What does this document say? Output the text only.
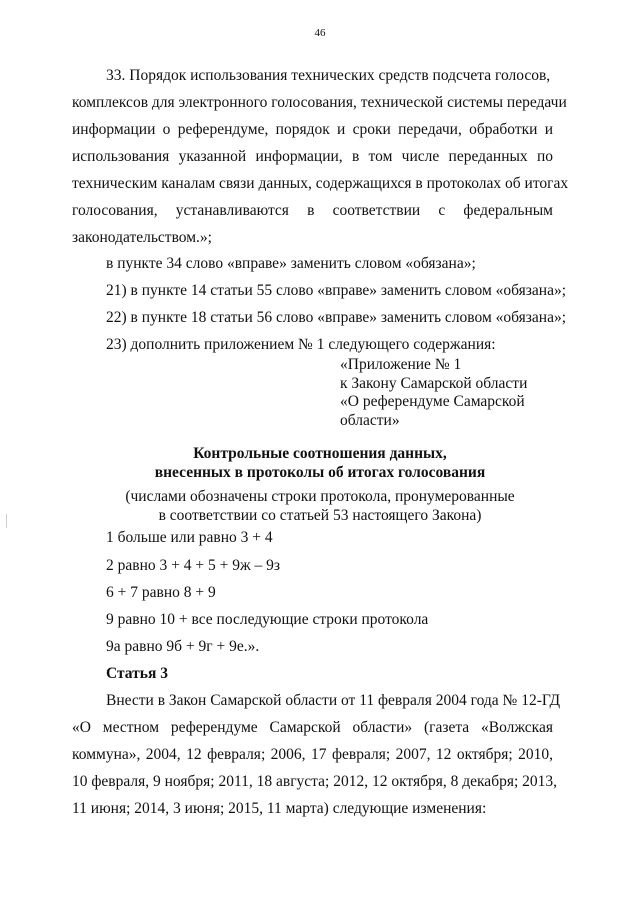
46
33. Порядок использования технических средств подсчета голосов,
комплексов для электронного голосования, технической системы передачи
информации о референдуме, порядок и сроки передачи, обработки и
использования указанной информации, в том числе переданных по
техническим каналам связи данных, содержащихся в протоколах об итогах
голосования, устанавливаются в соответствии с федеральным
законодательством.»;
в пункте 34 слово «вправе» заменить словом «обязана»;
21) в пункте 14 статьи 55 слово «вправе» заменить словом «обязана»;
22) в пункте 18 статьи 56 слово «вправе» заменить словом «обязана»;
23) дополнить приложением № 1 следующего содержания:
«Приложение № 1
к Закону Самарской области
«О референдуме Самарской
области»
Контрольные соотношения данных,
внесенных в протоколы об итогах голосования
(числами обозначены строки протокола, пронумерованные
в соответствии со статьей 53 настоящего Закона)
1 больше или равно 3 + 4
2 равно 3 + 4 + 5 + 9ж – 9з
6 + 7 равно 8 + 9
9 равно 10 + все последующие строки протокола
9а равно 9б + 9г + 9е.».
Статья 3
Внести в Закон Самарской области от 11 февраля 2004 года № 12-ГД
«О местном референдуме Самарской области» (газета «Волжская
коммуна», 2004, 12 февраля; 2006, 17 февраля; 2007, 12 октября; 2010,
10 февраля, 9 ноября; 2011, 18 августа; 2012, 12 октября, 8 декабря; 2013,
11 июня; 2014, 3 июня; 2015, 11 марта) следующие изменения:
